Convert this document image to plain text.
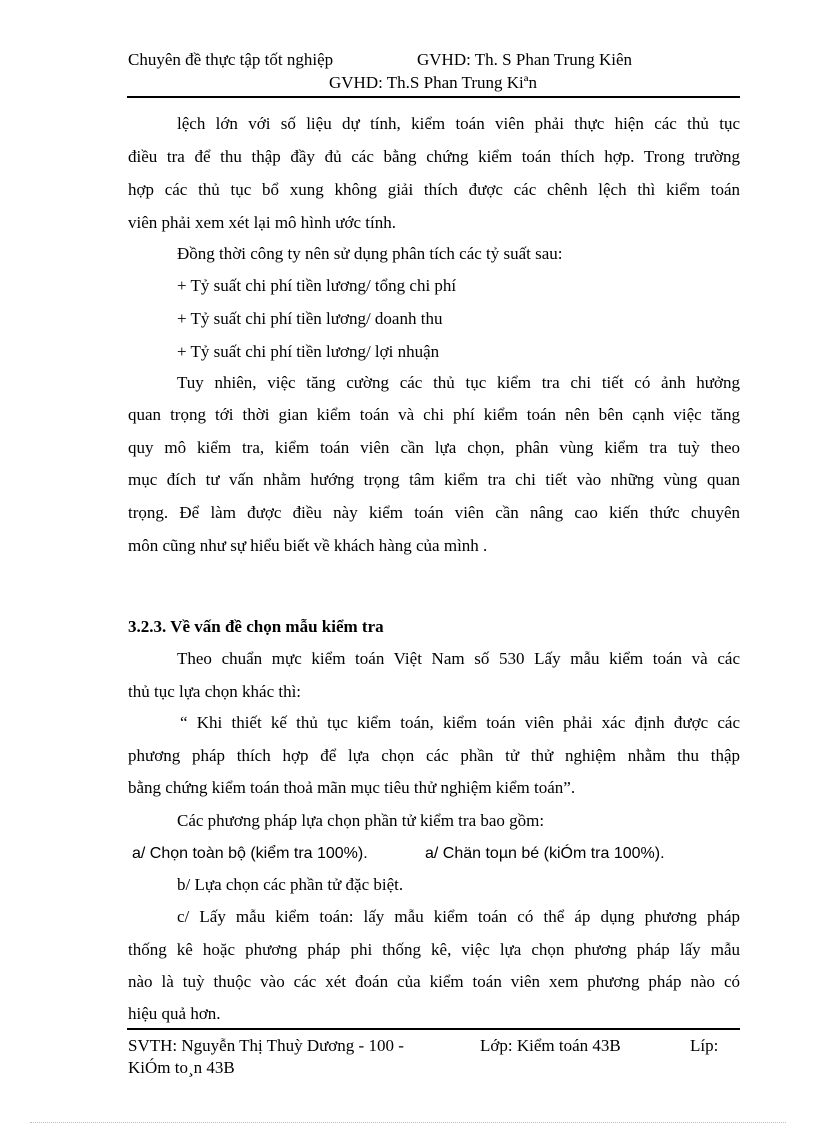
Chuyên đề thực tập tốt nghiệp	GVHD: Th. S Phan Trung Kiên
GVHD: Th.S Phan Trung Kiªn
lệch lớn với số liệu dự tính, kiểm toán viên phải thực hiện các thủ tục
điều tra để thu thập đầy đủ các bằng chứng kiểm toán thích hợp. Trong trường
hợp các thủ tục bổ xung không giải thích được các chênh lệch thì kiểm toán
viên phải xem xét lại mô hình ước tính.
Đồng thời công ty nên sử dụng phân tích các tỷ suất sau:
+ Tỷ suất chi phí tiền lương/ tổng chi phí
+ Tỷ suất chi phí tiền lương/ doanh thu
+ Tỷ suất chi phí tiền lương/ lợi nhuận
Tuy nhiên, việc tăng cường các thủ tục kiểm tra chi tiết có ảnh hưởng
quan trọng tới thời gian kiểm toán và chi phí kiểm toán nên bên cạnh việc tăng
quy mô kiểm tra, kiểm toán viên cần lựa chọn, phân vùng kiểm tra tuỳ theo
mục đích tư vấn nhằm hướng trọng tâm kiểm tra chi tiết vào những vùng quan
trọng. Để làm được điều này kiểm toán viên cần nâng cao kiến thức chuyên
môn cũng như sự hiểu biết về khách hàng của mình .
3.2.3. Về vấn đề chọn mẫu kiểm tra
Theo chuẩn mực kiểm toán Việt Nam số 530 Lấy mẫu kiểm toán và các
thủ tục lựa chọn khác thì:
“ Khi thiết kế thủ tục kiểm toán, kiểm toán viên phải xác định được các
phương pháp thích hợp để lựa chọn các phần tử thử nghiệm nhằm thu thập
bằng chứng kiểm toán thoả mãn mục tiêu thử nghiệm kiểm toán”.
Các phương pháp lựa chọn phần tử kiểm tra bao gồm:
a/ Chọn toàn bộ (kiểm tra 100%).	a/ Chän toµn bé (kiÓm tra 100%).
b/ Lựa chọn các phần tử đặc biệt.
c/ Lấy mẫu kiểm toán: lấy mẫu kiểm toán có thể áp dụng phương pháp
thống kê hoặc phương pháp phi thống kê, việc lựa chọn phương pháp lấy mẫu
nào là tuỳ thuộc vào các xét đoán của kiểm toán viên xem phương pháp nào có
hiệu quả hơn.
SVTH: Nguyễn Thị Thuỳ Dương - 100 -	Lớp: Kiểm toán 43B	Líp:
KiÓm to¸n 43B
